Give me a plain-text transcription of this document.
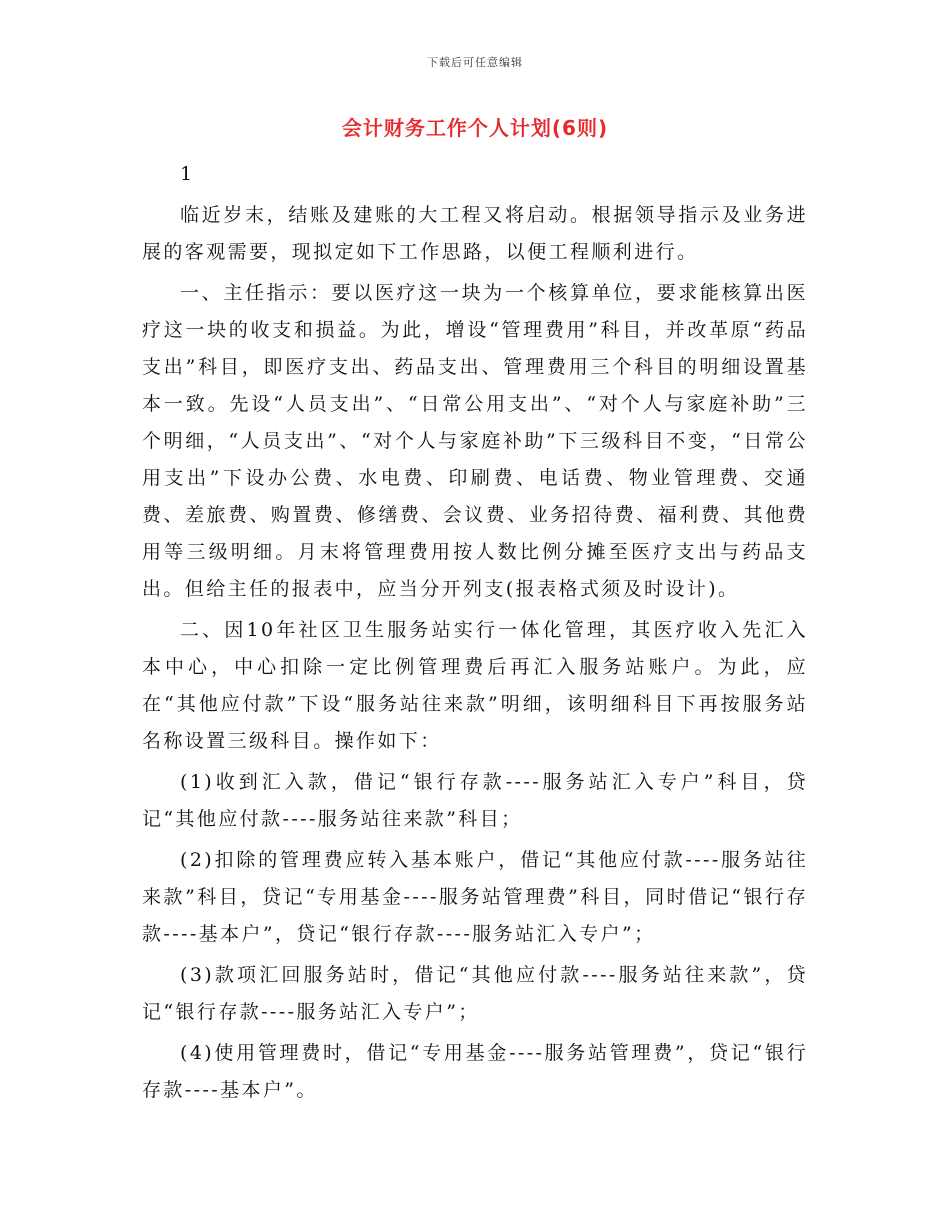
下载后可任意编辑
会计财务工作个人计划(6则)

1

临近岁末，结账及建账的大工程又将启动。根据领导指示及业务进展的客观需要，现拟定如下工作思路，以便工程顺利进行。

一、主任指示：要以医疗这一块为一个核算单位，要求能核算出医疗这一块的收支和损益。为此，增设“管理费用”科目，并改革原“药品支出”科目，即医疗支出、药品支出、管理费用三个科目的明细设置基本一致。先设“人员支出”、“日常公用支出”、“对个人与家庭补助”三个明细，“人员支出”、“对个人与家庭补助”下三级科目不变，“日常公用支出”下设办公费、水电费、印刷费、电话费、物业管理费、交通费、差旅费、购置费、修缮费、会议费、业务招待费、福利费、其他费用等三级明细。月末将管理费用按人数比例分摊至医疗支出与药品支出。但给主任的报表中，应当分开列支(报表格式须及时设计)。

二、因10年社区卫生服务站实行一体化管理，其医疗收入先汇入本中心，中心扣除一定比例管理费后再汇入服务站账户。为此，应在“其他应付款”下设“服务站往来款”明细，该明细科目下再按服务站名称设置三级科目。操作如下：

(1)收到汇入款，借记“银行存款----服务站汇入专户”科目，贷记“其他应付款----服务站往来款”科目；

(2)扣除的管理费应转入基本账户，借记“其他应付款----服务站往来款”科目，贷记“专用基金----服务站管理费”科目，同时借记“银行存款----基本户”，贷记“银行存款----服务站汇入专户”；

(3)款项汇回服务站时，借记“其他应付款----服务站往来款”，贷记“银行存款----服务站汇入专户”；

(4)使用管理费时，借记“专用基金----服务站管理费”，贷记“银行存款----基本户”。
